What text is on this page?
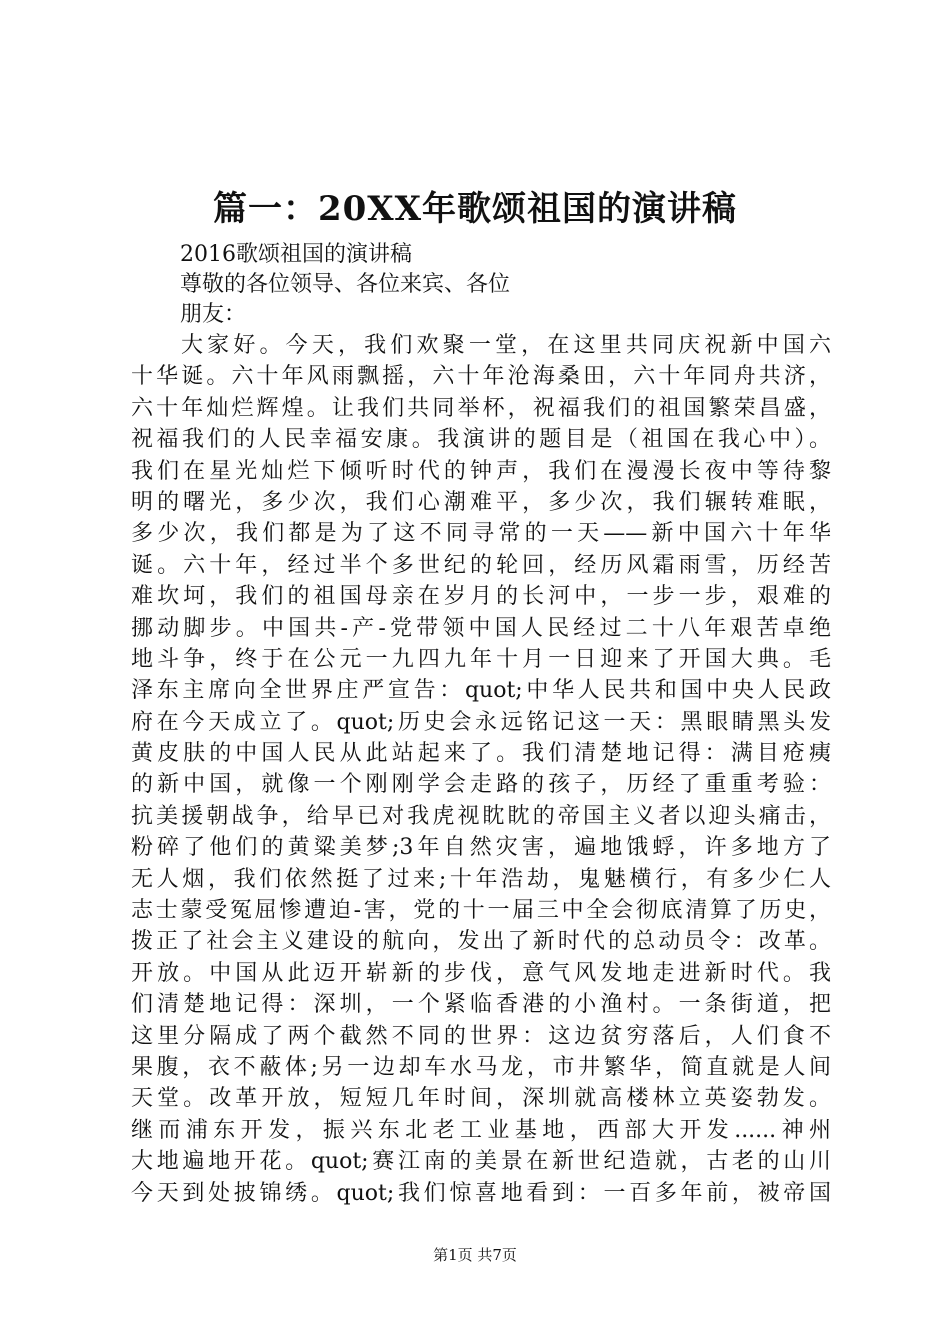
篇一：20XX年歌颂祖国的演讲稿
2016歌颂祖国的演讲稿
尊敬的各位领导、各位来宾、各位
朋友：
大家好。今天，我们欢聚一堂，在这里共同庆祝新中国六
十华诞。六十年风雨飘摇，六十年沧海桑田，六十年同舟共济，
六十年灿烂辉煌。让我们共同举杯，祝福我们的祖国繁荣昌盛，
祝福我们的人民幸福安康。我演讲的题目是（祖国在我心中）。
我们在星光灿烂下倾听时代的钟声，我们在漫漫长夜中等待黎
明的曙光，多少次，我们心潮难平，多少次，我们辗转难眠，
多少次，我们都是为了这不同寻常的一天——新中国六十年华
诞。六十年，经过半个多世纪的轮回，经历风霜雨雪，历经苦
难坎坷，我们的祖国母亲在岁月的长河中，一步一步，艰难的
挪动脚步。中国共-产-党带领中国人民经过二十八年艰苦卓绝
地斗争，终于在公元一九四九年十月一日迎来了开国大典。毛
泽东主席向全世界庄严宣告：quot;中华人民共和国中央人民政
府在今天成立了。quot;历史会永远铭记这一天：黑眼睛黑头发
黄皮肤的中国人民从此站起来了。我们清楚地记得：满目疮痍
的新中国，就像一个刚刚学会走路的孩子，历经了重重考验：
抗美援朝战争，给早已对我虎视眈眈的帝国主义者以迎头痛击，
粉碎了他们的黄粱美梦;3年自然灾害，遍地饿蜉，许多地方了
无人烟，我们依然挺了过来;十年浩劫，鬼魅横行，有多少仁人
志士蒙受冤屈惨遭迫-害，党的十一届三中全会彻底清算了历史，
拨正了社会主义建设的航向，发出了新时代的总动员令：改革。
开放。中国从此迈开崭新的步伐，意气风发地走进新时代。我
们清楚地记得：深圳，一个紧临香港的小渔村。一条街道，把
这里分隔成了两个截然不同的世界：这边贫穷落后，人们食不
果腹，衣不蔽体;另一边却车水马龙，市井繁华，简直就是人间
天堂。改革开放，短短几年时间，深圳就高楼林立英姿勃发。
继而浦东开发，振兴东北老工业基地，西部大开发......神州
大地遍地开花。quot;赛江南的美景在新世纪造就，古老的山川
今天到处披锦绣。quot;我们惊喜地看到：一百多年前，被帝国
第1页 共7页
